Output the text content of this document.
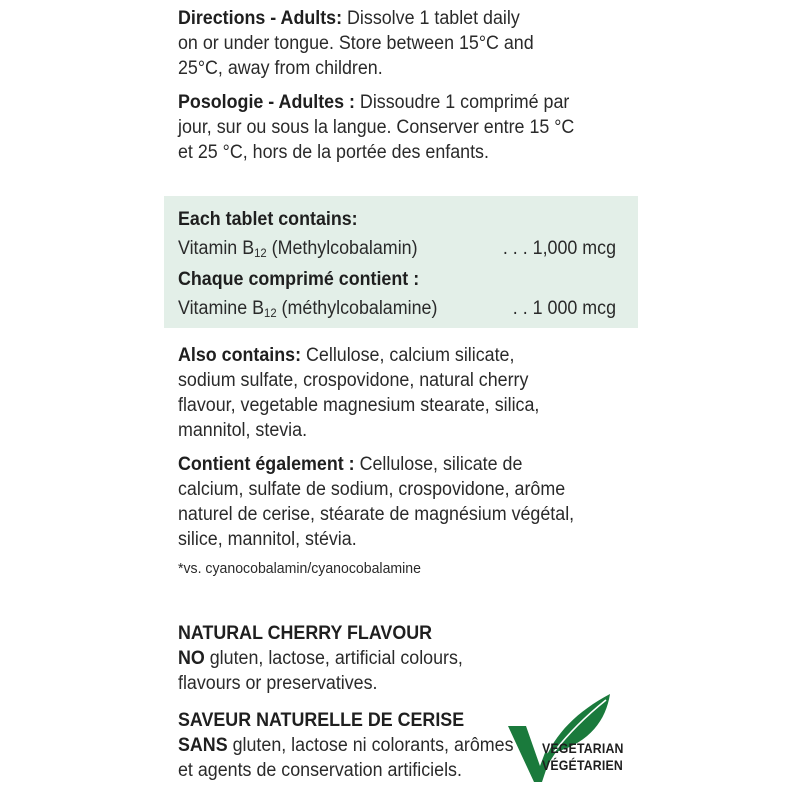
Directions - Adults: Dissolve 1 tablet daily
on or under tongue. Store between 15°C and
25°C, away from children.

Posologie - Adultes : Dissoudre 1 comprimé par
jour, sur ou sous la langue. Conserver entre 15 °C
et 25 °C, hors de la portée des enfants.

Each tablet contains:
Vitamin $B_{12}$ (Methylcobalamin)	. . . 1,000 mcg
Chaque comprimé contient :
Vitamine $B_{12}$ (méthylcobalamine)	. . 1 000 mcg

Also contains: Cellulose, calcium silicate,
sodium sulfate, crospovidone, natural cherry
flavour, vegetable magnesium stearate, silica,
mannitol, stevia.

Contient également : Cellulose, silicate de
calcium, sulfate de sodium, crospovidone, arôme
naturel de cerise, stéarate de magnésium végétal,
silice, mannitol, stévia.

*vs. cyanocobalamin/cyanocobalamine

NATURAL CHERRY FLAVOUR
NO gluten, lactose, artificial colours,
flavours or preservatives.

SAVEUR NATURELLE DE CERISE
SANS gluten, lactose ni colorants, arômes
et agents de conservation artificiels.

VEGETARIAN
VÉGÉTARIEN
